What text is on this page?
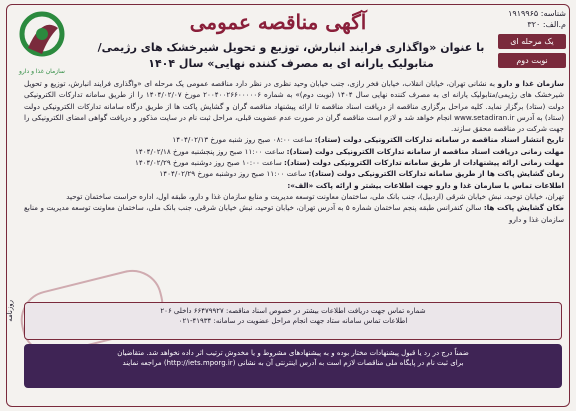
سازمان غذا و دارو
شناسه: ۱۹۱۹۹۶۵
م.الف: ۳۲۰
یک مرحله ای
نوبت دوم
آگهی مناقصه عمومی
با عنوان «واگذاری فرایند انبارش، توزیع و تحویل شیرخشک های رژیمی/
متابولیک یارانه ای به مصرف کننده نهایی» سال ۱۴۰۴

سازمان غذا و دارو به نشانی تهران، خیابان انقلاب، خیابان فخر رازی، جنب خیابان وحید نظری در نظر دارد مناقصه عمومی یک مرحله ای «واگذاری فرایند انبارش، توزیع و تحویل شیرخشک های رژیمی/متابولیک یارانه ای به مصرف کننده نهایی سال ۱۴۰۴ (نوبت دوم)» به شماره ۲۰۰۴۰۰۲۶۶۰۰۰۰۰۶ مورخ ۱۴۰۴/۰۲/۰۷ را از طریق سامانه تدارکات الکترونیکی دولت (ستاد) برگزار نماید. کلیه مراحل برگزاری مناقصه از دریافت اسناد مناقصه تا ارائه پیشنهاد مناقصه گران و گشایش پاکت ها از طریق درگاه سامانه تدارکات الکترونیکی دولت (ستاد) به آدرس www.setadiran.ir انجام خواهد شد و لازم است مناقصه گران در صورت عدم عضویت قبلی، مراحل ثبت نام در سایت مذکور و دریافت گواهی امضای الکترونیکی را جهت شرکت در مناقصه محقق سازند.

تاریخ انتشار اسناد مناقصه در سامانه تدارکات الکترونیکی دولت (ستاد): ساعت ۰۸:۰۰ صبح روز شنبه مورخ ۱۴۰۴/۰۲/۱۳

مهلت زمانی دریافت اسناد مناقصه از سامانه تدارکات الکترونیکی دولت (ستاد): ساعت ۱۱:۰۰ صبح روز پنجشنبه مورخ ۱۴۰۴/۰۲/۱۸

مهلت زمانی ارائه پیشنهادات از طریق سامانه تدارکات الکترونیکی دولت (ستاد): ساعت ۱۰:۰۰ صبح روز دوشنبه مورخ ۱۴۰۴/۰۲/۲۹

زمان گشایش پاکت ها از طریق سامانه تدارکات الکترونیکی دولت (ستاد): ساعت ۱۱:۰۰ صبح روز دوشنبه مورخ ۱۴۰۴/۰۲/۲۹

اطلاعات تماس با سازمان غذا و دارو جهت اطلاعات بیشتر و ارائه پاکت «الف»:

تهران، خیابان توحید، نبش خیابان شرقی (اردبیل)، جنب بانک ملی، ساختمان معاونت توسعه مدیریت و منابع سازمان غذا و دارو، طبقه اول، اداره حراست ساختمان توحید

مکان گشایش پاکت ها: سالن کنفرانس طبقه پنجم ساختمان شماره ۵ به آدرس تهران، خیابان توحید، نبش خیابان شرقی، جنب بانک ملی، ساختمان معاونت توسعه مدیریت و منابع سازمان غذا و دارو

روزنامه	شماره تماس جهت دریافت اطلاعات بیشتر در خصوص اسناد مناقصه: ۶۶۴۷۹۹۲۷ داخلی ۲۰۶
اطلاعات تماس سامانه ستاد جهت انجام مراحل عضویت در سامانه: ۴۱۹۳۴-۰۲۱
ضمناً درج در رد یا قبول پیشنهادات مختار بوده و به پیشنهادهای مشروط و یا مخدوش ترتیب اثر داده نخواهد شد. متقاضیان
برای ثبت نام در پایگاه ملی مناقصات لازم است به آدرس اینترنتی آن به نشانی (http://iets.mporg.ir) مراجعه نمایند
